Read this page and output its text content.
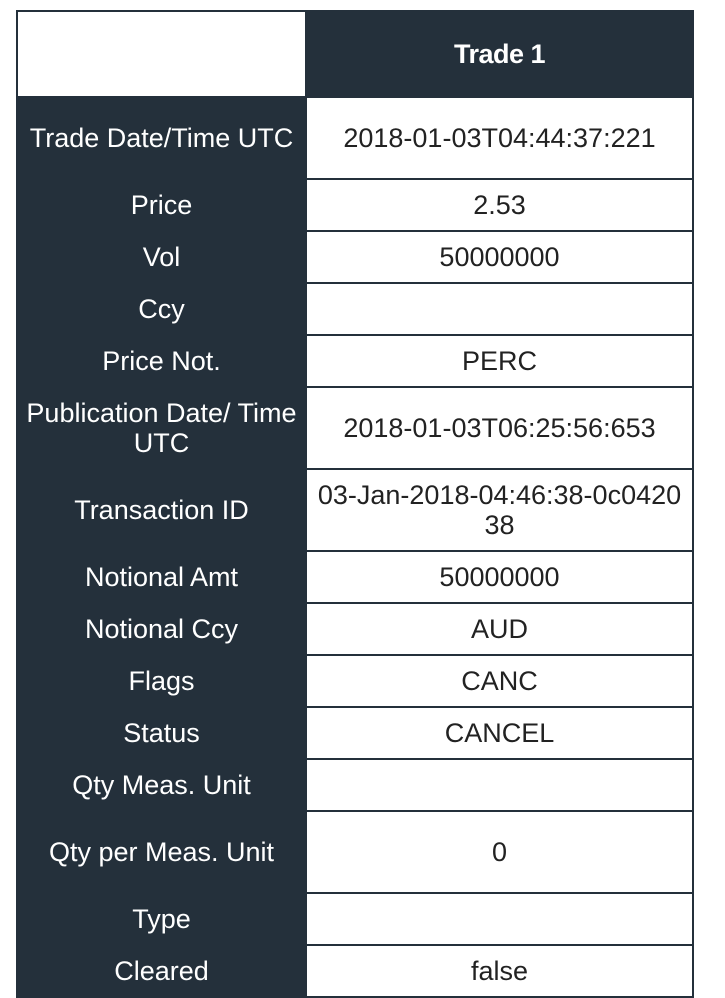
	Trade 1
Trade Date/Time UTC	2018-01-03T04:44:37:221
Price	2.53
Vol	50000000
Ccy	
Price Not.	PERC
Publication Date/ Time UTC	2018-01-03T06:25:56:653
Transaction ID	03-Jan-2018-04:46:38-0c042038
Notional Amt	50000000
Notional Ccy	AUD
Flags	CANC
Status	CANCEL
Qty Meas. Unit	
Qty per Meas. Unit	0
Type	
Cleared	false
